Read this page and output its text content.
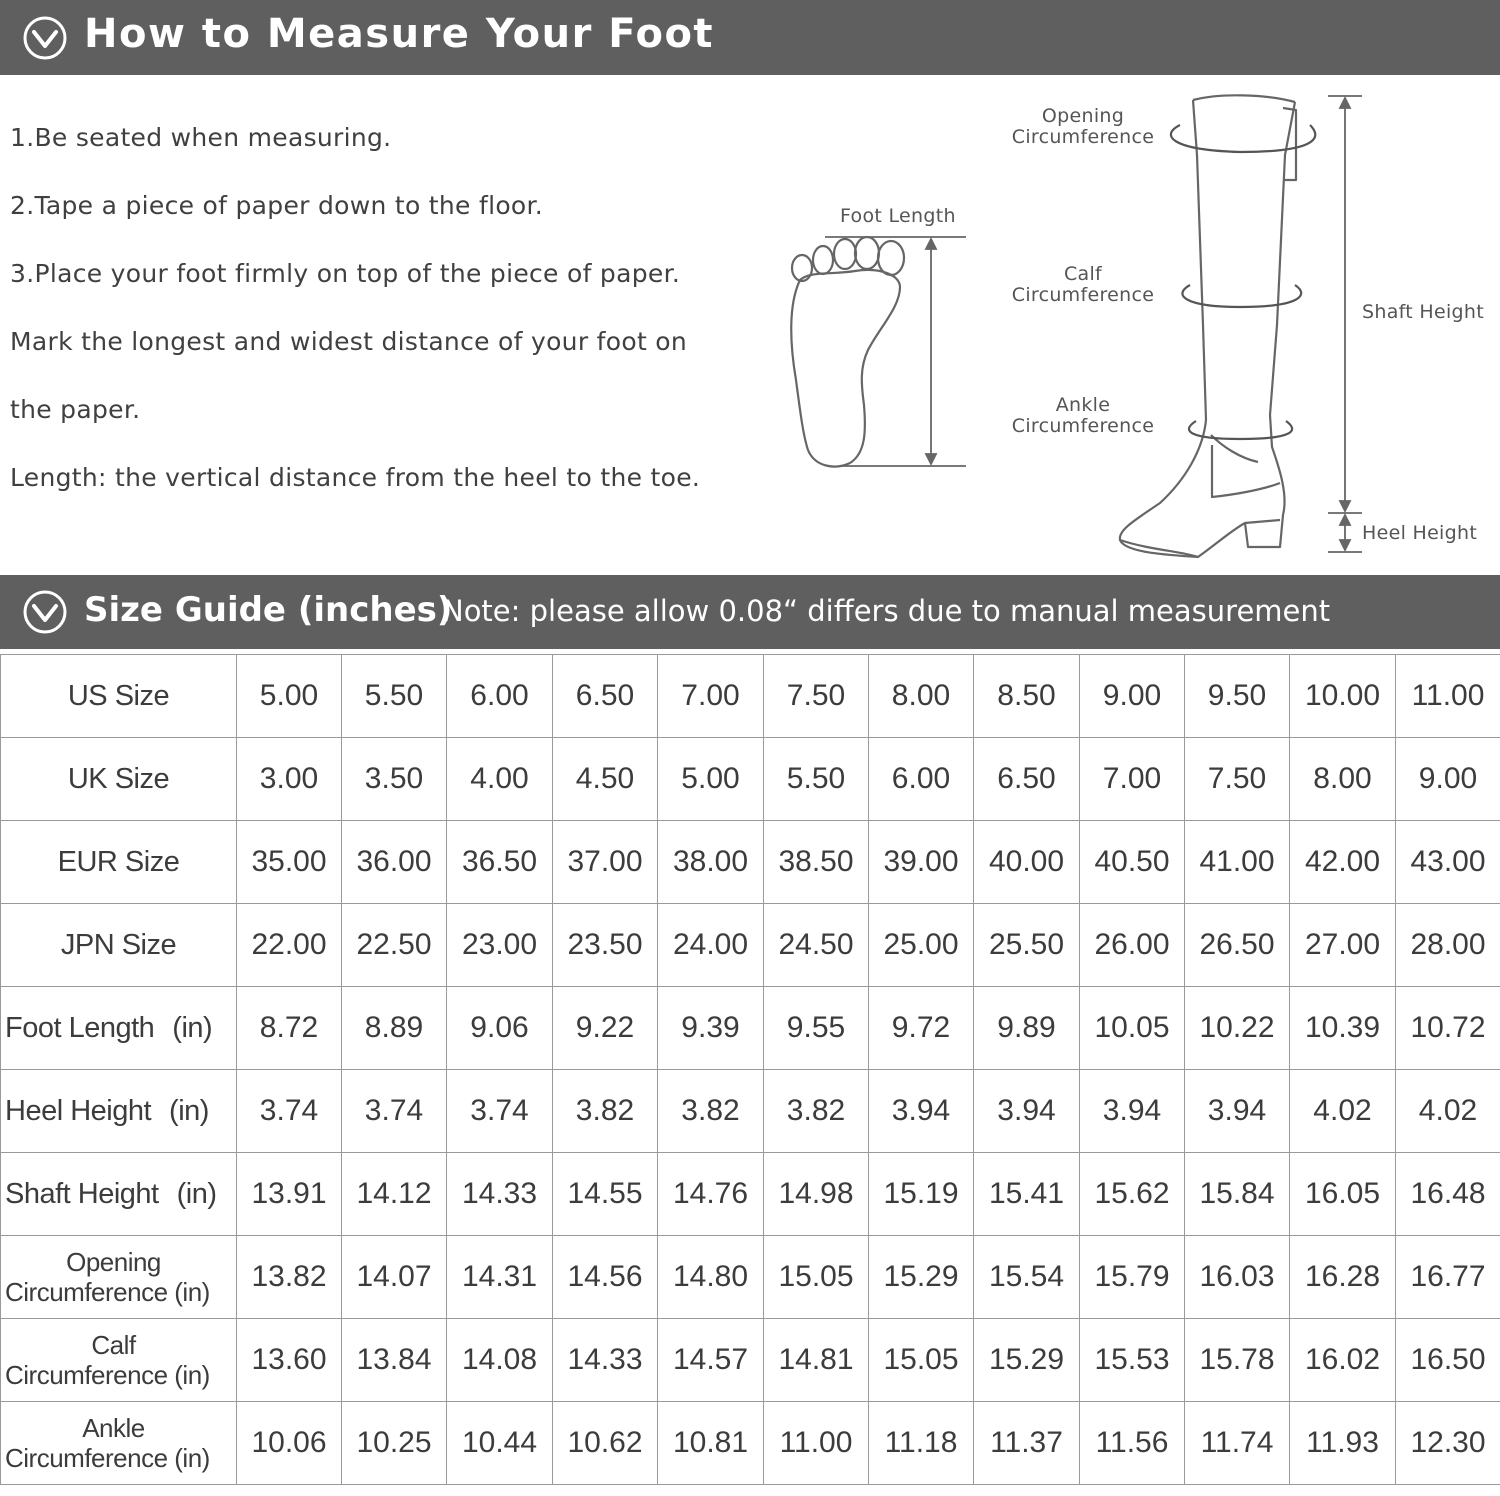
How to Measure Your Foot
1.Be seated when measuring.
2.Tape a piece of paper down to the floor.
3.Place your foot firmly on top of the piece of paper.
Mark the longest and widest distance of your foot on
the paper.
Length: the vertical distance from the heel to the toe.
Foot Length
Opening
Circumference
Calf
Circumference
Ankle
Circumference
Shaft Height
Heel Height
Size Guide (inches)
Note: please allow 0.08“ differs due to manual measurement
US Size	5.00	5.50	6.00	6.50	7.00	7.50	8.00	8.50	9.00	9.50	10.00	11.00
UK Size	3.00	3.50	4.00	4.50	5.00	5.50	6.00	6.50	7.00	7.50	8.00	9.00
EUR Size	35.00	36.00	36.50	37.00	38.00	38.50	39.00	40.00	40.50	41.00	42.00	43.00
JPN Size	22.00	22.50	23.00	23.50	24.00	24.50	25.00	25.50	26.00	26.50	27.00	28.00
Foot Length (in)	8.72	8.89	9.06	9.22	9.39	9.55	9.72	9.89	10.05	10.22	10.39	10.72
Heel Height (in)	3.74	3.74	3.74	3.82	3.82	3.82	3.94	3.94	3.94	3.94	4.02	4.02
Shaft Height (in)	13.91	14.12	14.33	14.55	14.76	14.98	15.19	15.41	15.62	15.84	16.05	16.48

Opening
Circumference (in)	13.82	14.07	14.31	14.56	14.80	15.05	15.29	15.54	15.79	16.03	16.28	16.77

Calf
Circumference (in)	13.60	13.84	14.08	14.33	14.57	14.81	15.05	15.29	15.53	15.78	16.02	16.50

Ankle
Circumference (in)	10.06	10.25	10.44	10.62	10.81	11.00	11.18	11.37	11.56	11.74	11.93	12.30
